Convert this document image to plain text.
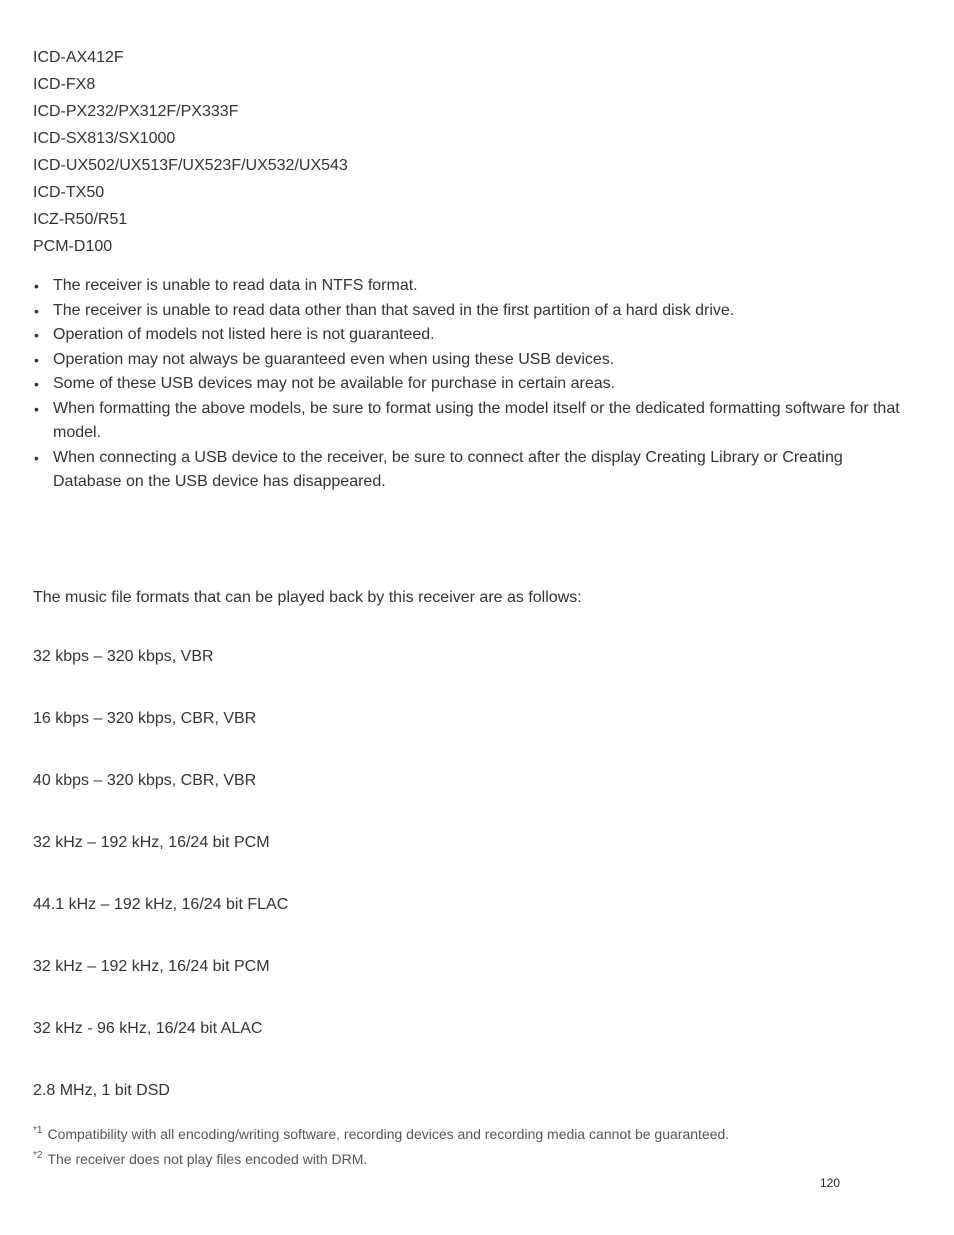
ICD-AX412F
ICD-FX8
ICD-PX232/PX312F/PX333F
ICD-SX813/SX1000
ICD-UX502/UX513F/UX523F/UX532/UX543
ICD-TX50
ICZ-R50/R51
PCM-D100
• The receiver is unable to read data in NTFS format.
• The receiver is unable to read data other than that saved in the first partition of a hard disk drive.
• Operation of models not listed here is not guaranteed.
• Operation may not always be guaranteed even when using these USB devices.
• Some of these USB devices may not be available for purchase in certain areas.
• When formatting the above models, be sure to format using the model itself or the dedicated formatting software for that model.
• When connecting a USB device to the receiver, be sure to connect after the display Creating Library or Creating Database on the USB device has disappeared.
The music file formats that can be played back by this receiver are as follows:
32 kbps – 320 kbps, VBR
16 kbps – 320 kbps, CBR, VBR
40 kbps – 320 kbps, CBR, VBR
32 kHz – 192 kHz, 16/24 bit PCM
44.1 kHz – 192 kHz, 16/24 bit FLAC
32 kHz – 192 kHz, 16/24 bit PCM
32 kHz - 96 kHz, 16/24 bit ALAC
2.8 MHz, 1 bit DSD
$^{*1}$ Compatibility with all encoding/writing software, recording devices and recording media cannot be guaranteed.
$^{*2}$ The receiver does not play files encoded with DRM.
120
